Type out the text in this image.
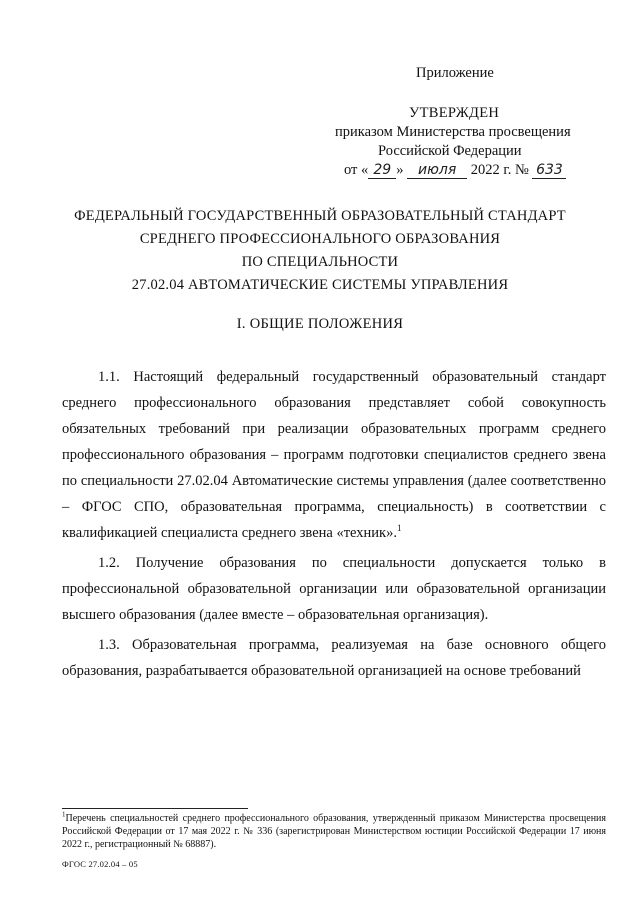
Приложение
УТВЕРЖДЕН
приказом Министерства просвещения
Российской Федерации
от « 29 » июля 2022 г. № 633
ФЕДЕРАЛЬНЫЙ ГОСУДАРСТВЕННЫЙ ОБРАЗОВАТЕЛЬНЫЙ СТАНДАРТ
СРЕДНЕГО ПРОФЕССИОНАЛЬНОГО ОБРАЗОВАНИЯ
ПО СПЕЦИАЛЬНОСТИ
27.02.04 АВТОМАТИЧЕСКИЕ СИСТЕМЫ УПРАВЛЕНИЯ
I. ОБЩИЕ ПОЛОЖЕНИЯ

1.1. Настоящий федеральный государственный образовательный стандарт среднего профессионального образования представляет собой совокупность обязательных требований при реализации образовательных программ среднего профессионального образования – программ подготовки специалистов среднего звена по специальности 27.02.04 Автоматические системы управления (далее соответственно – ФГОС СПО, образовательная программа, специальность) в соответствии с квалификацией специалиста среднего звена «техник».$^1$

1.2. Получение образования по специальности допускается только в профессиональной образовательной организации или образовательной организации высшего образования (далее вместе – образовательная организация).

1.3. Образовательная программа, реализуемая на базе основного общего образования, разрабатывается образовательной организацией на основе требований

$^1$Перечень специальностей среднего профессионального образования, утвержденный приказом Министерства просвещения Российской Федерации от 17 мая 2022 г. № 336 (зарегистрирован Министерством юстиции Российской Федерации 17 июня 2022 г., регистрационный № 68887).
ФГОС 27.02.04 – 05
